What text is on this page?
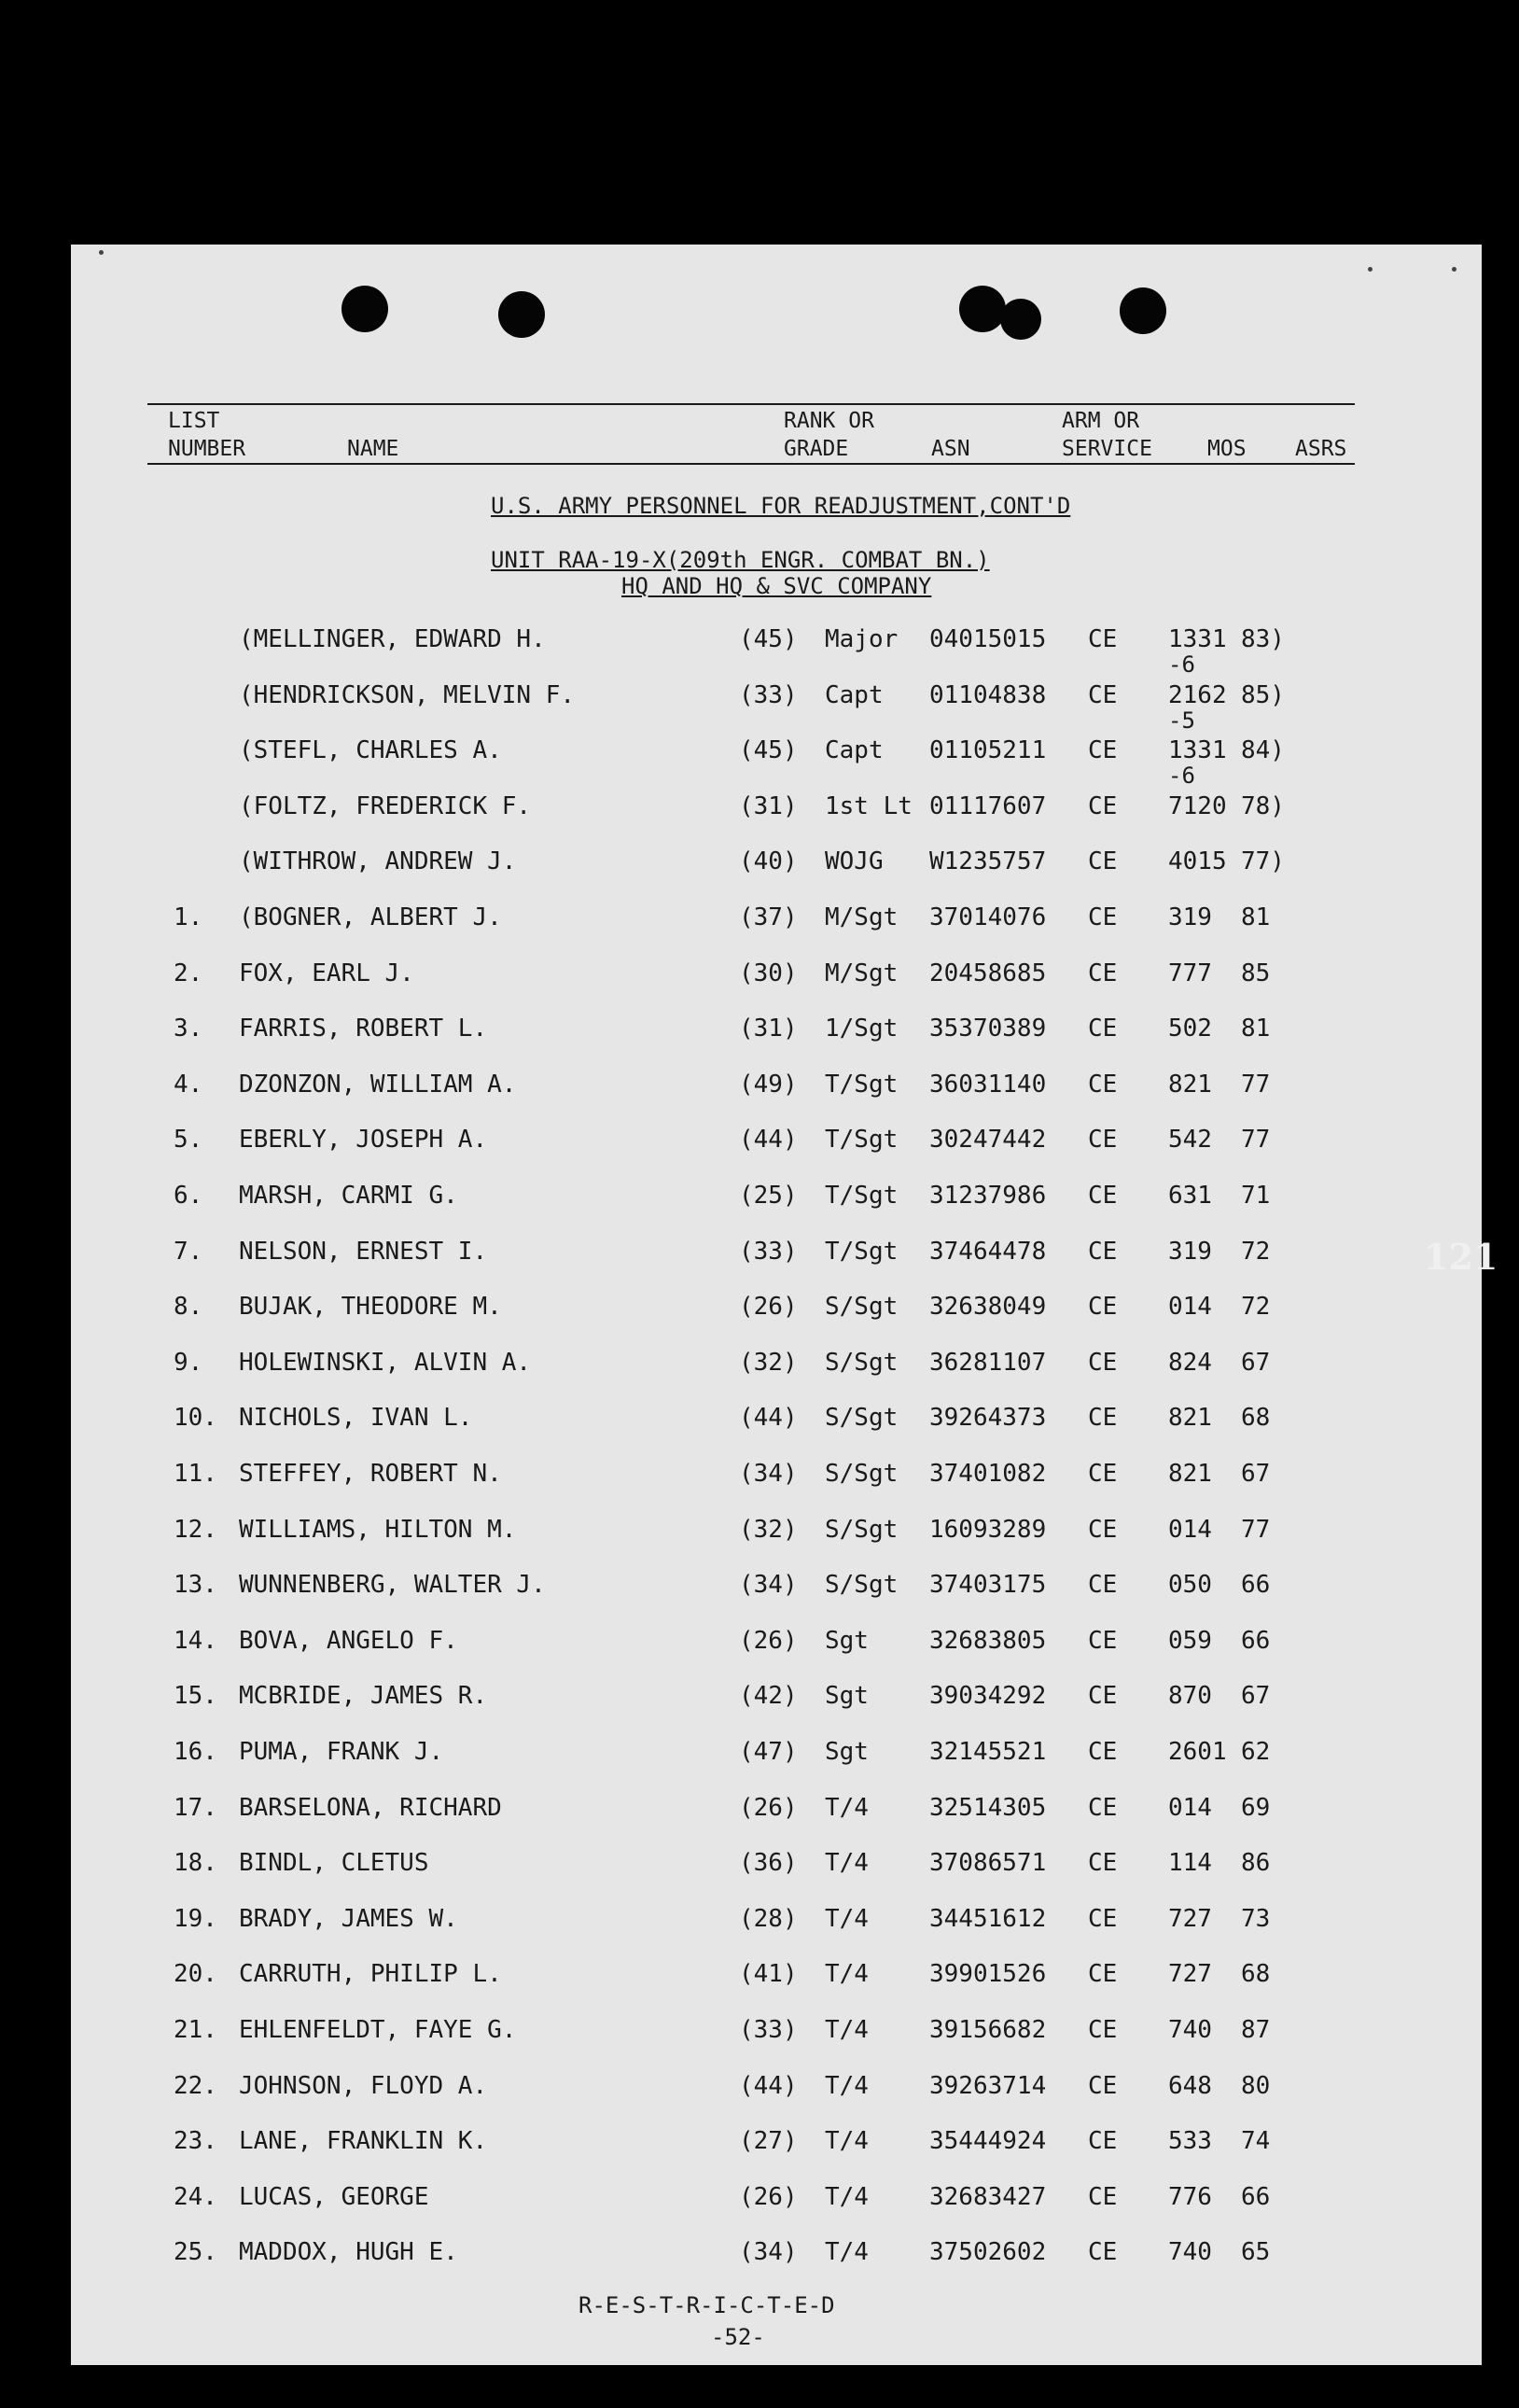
LIST
NUMBER	NAME
RANK OR
GRADE	ASN
ARM OR
SERVICE	MOS ASRS
U.S. ARMY PERSONNEL FOR READJUSTMENT,CONT'D
UNIT RAA-19-X(209th ENGR. COMBAT BN.)
HQ AND HQ & SVC COMPANY
(MELLINGER, EDWARD H.	(45) Major 04015015 CE 1331 83)
-6
(HENDRICKSON, MELVIN F.	(33) Capt 01104838 CE 2162 85)
-5
(STEFL, CHARLES A.	(45) Capt 01105211 CE 1331 84)
-6
(FOLTZ, FREDERICK F.	(31) 1st Lt 01117607 CE 7120 78)
(WITHROW, ANDREW J.	(40) WOJG W1235757 CE 4015 77)
1. (BOGNER, ALBERT J.	(37) M/Sgt 37014076 CE 319 81
2. FOX, EARL J.	(30) M/Sgt 20458685 CE 777 85
3. FARRIS, ROBERT L.	(31) 1/Sgt 35370389 CE 502 81
4. DZONZON, WILLIAM A.	(49) T/Sgt 36031140 CE 821 77
5. EBERLY, JOSEPH A.	(44) T/Sgt 30247442 CE 542 77
6. MARSH, CARMI G.	(25) T/Sgt 31237986 CE 631 71
7. NELSON, ERNEST I.	(33) T/Sgt 37464478 CE 319 72
8. BUJAK, THEODORE M.	(26) S/Sgt 32638049 CE 014 72
9. HOLEWINSKI, ALVIN A.	(32) S/Sgt 36281107 CE 824 67
10. NICHOLS, IVAN L.	(44) S/Sgt 39264373 CE 821 68
11. STEFFEY, ROBERT N.	(34) S/Sgt 37401082 CE 821 67
12. WILLIAMS, HILTON M.	(32) S/Sgt 16093289 CE 014 77
13. WUNNENBERG, WALTER J.	(34) S/Sgt 37403175 CE 050 66
14. BOVA, ANGELO F.	(26) Sgt	32683805 CE 059 66
15. MCBRIDE, JAMES R.	(42) Sgt	39034292 CE 870 67
16. PUMA, FRANK J.	(47) Sgt	32145521 CE 2601 62
17. BARSELONA, RICHARD	(26) T/4	32514305 CE 014 69
18. BINDL, CLETUS	(36) T/4	37086571 CE 114 86
19. BRADY, JAMES W.	(28) T/4	34451612 CE 727 73
20. CARRUTH, PHILIP L.	(41) T/4	39901526 CE 727 68
21. EHLENFELDT, FAYE G.	(33) T/4	39156682 CE 740 87
22. JOHNSON, FLOYD A.	(44) T/4	39263714 CE 648 80
23. LANE, FRANKLIN K.	(27) T/4	35444924 CE 533 74
24. LUCAS, GEORGE	(26) T/4	32683427 CE 776 66
25. MADDOX, HUGH E.	(34) T/4	37502602 CE 740 65
121
R-E-S-T-R-I-C-T-E-D
-52-
